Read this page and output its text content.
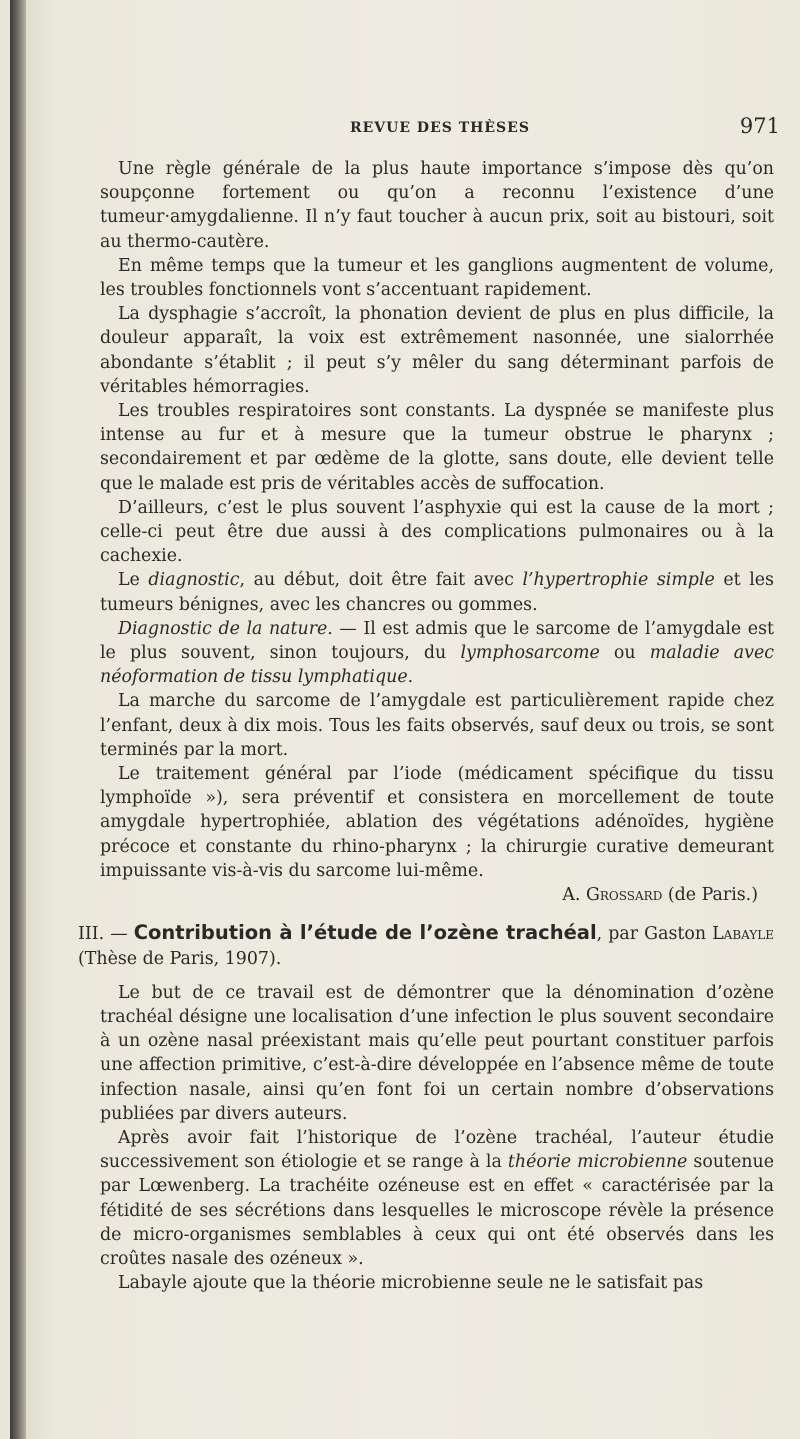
REVUE DES THÈSES	971

Une règle générale de la plus haute importance s’impose dès qu’on soupçonne fortement ou qu’on a reconnu l’existence d’une tumeur·amygdalienne. Il n’y faut toucher à aucun prix, soit au bistouri, soit au thermo-cautère.

En même temps que la tumeur et les ganglions augmentent de volume, les troubles fonctionnels vont s’accentuant rapidement.

La dysphagie s’accroît, la phonation devient de plus en plus difficile, la douleur apparaît, la voix est extrêmement nasonnée, une sialorrhée abondante s’établit ; il peut s’y mêler du sang déterminant parfois de véritables hémorragies.

Les troubles respiratoires sont constants. La dyspnée se manifeste plus intense au fur et à mesure que la tumeur obstrue le pharynx ; secondairement et par œdème de la glotte, sans doute, elle devient telle que le malade est pris de véritables accès de suffocation.

D’ailleurs, c’est le plus souvent l’asphyxie qui est la cause de la mort ; celle-ci peut être due aussi à des complications pulmonaires ou à la cachexie.

Le diagnostic, au début, doit être fait avec l’hypertrophie simple et les tumeurs bénignes, avec les chancres ou gommes.

Diagnostic de la nature. — Il est admis que le sarcome de l’amygdale est le plus souvent, sinon toujours, du lymphosarcome ou maladie avec néoformation de tissu lymphatique.

La marche du sarcome de l’amygdale est particulièrement rapide chez l’enfant, deux à dix mois. Tous les faits observés, sauf deux ou trois, se sont terminés par la mort.

Le traitement général par l’iode (médicament spécifique du tissu lymphoïde »), sera préventif et consistera en morcellement de toute amygdale hypertrophiée, ablation des végétations adénoïdes, hygiène précoce et constante du rhino-pharynx ; la chirurgie curative demeurant impuissante vis-à-vis du sarcome lui-même.

A. Grossard (de Paris.)

III. — Contribution à l’étude de l’ozène trachéal, par Gaston Labayle (Thèse de Paris, 1907).

Le but de ce travail est de démontrer que la dénomination d’ozène trachéal désigne une localisation d’une infection le plus souvent secondaire à un ozène nasal préexistant mais qu’elle peut pourtant constituer parfois une affection primitive, c’est-à-dire développée en l’absence même de toute infection nasale, ainsi qu’en font foi un certain nombre d’observations publiées par divers auteurs.

Après avoir fait l’historique de l’ozène trachéal, l’auteur étudie successivement son étiologie et se range à la théorie microbienne soutenue par Lœwenberg. La trachéite ozéneuse est en effet « caractérisée par la fétidité de ses sécrétions dans lesquelles le microscope révèle la présence de micro-organismes semblables à ceux qui ont été observés dans les croûtes nasale des ozéneux ».

Labayle ajoute que la théorie microbienne seule ne le satisfait pas
